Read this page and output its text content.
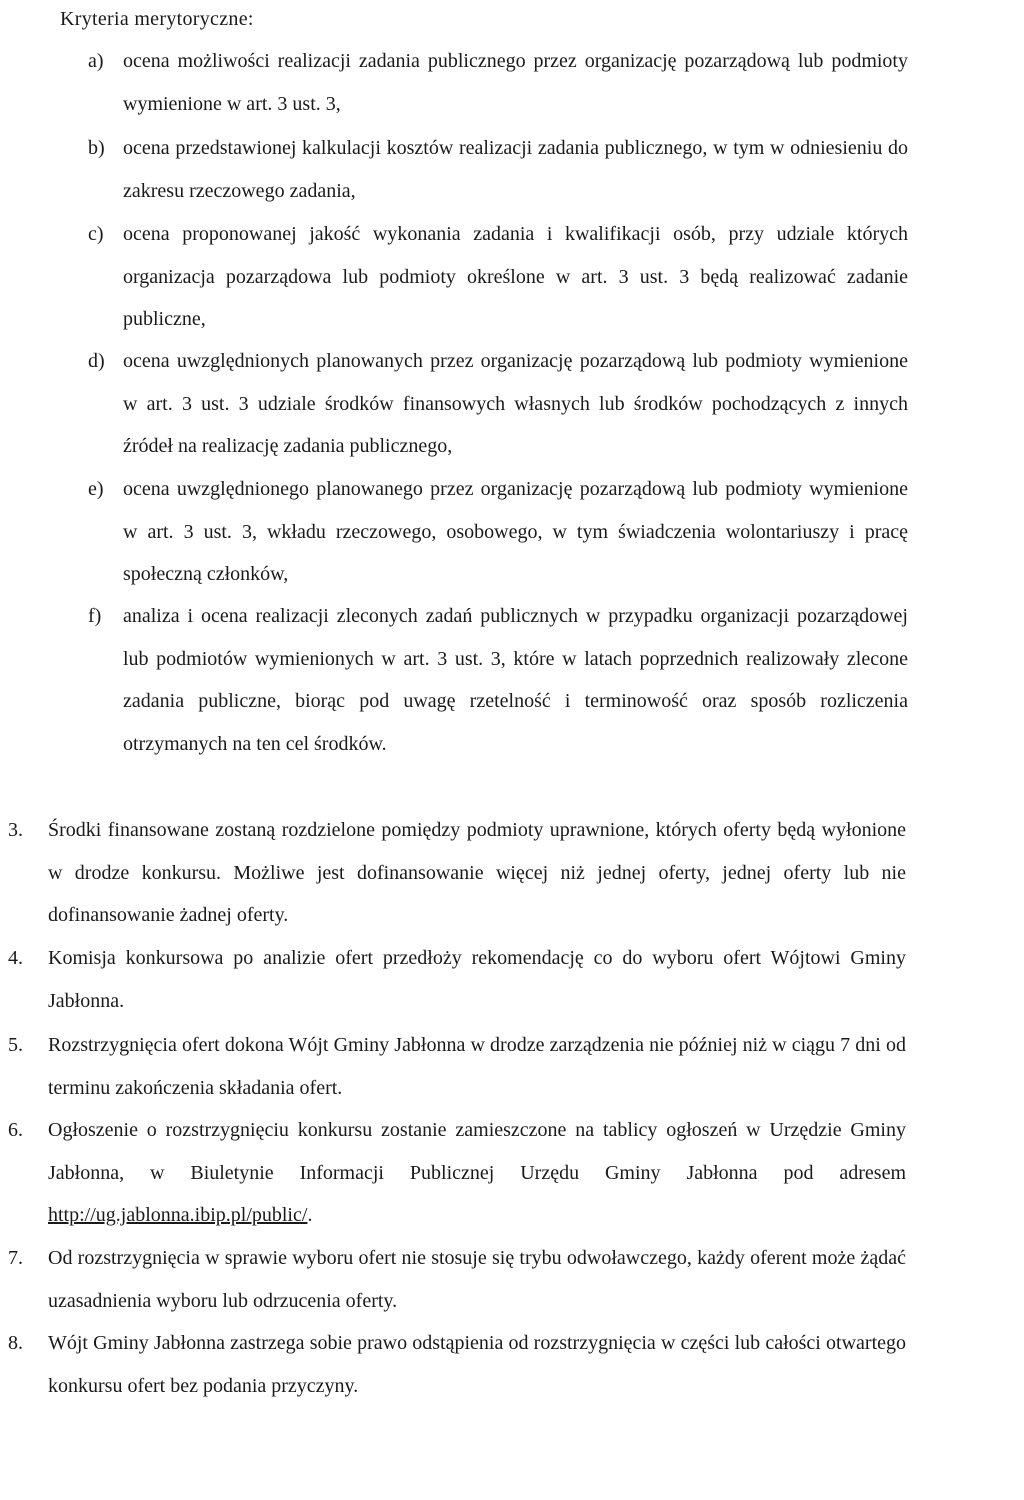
Kryteria merytoryczne:
a) ocena możliwości realizacji zadania publicznego przez organizację pozarządową lub podmioty wymienione w art. 3 ust. 3,
b) ocena przedstawionej kalkulacji kosztów realizacji zadania publicznego, w tym w odniesieniu do zakresu rzeczowego zadania,
c) ocena proponowanej jakość wykonania zadania i kwalifikacji osób, przy udziale których organizacja pozarządowa lub podmioty określone w art. 3 ust. 3 będą realizować zadanie publiczne,
d) ocena uwzględnionych planowanych przez organizację pozarządową lub podmioty wymienione w art. 3 ust. 3 udziale środków finansowych własnych lub środków pochodzących z innych źródeł na realizację zadania publicznego,
e) ocena uwzględnionego planowanego przez organizację pozarządową lub podmioty wymienione w art. 3 ust. 3, wkładu rzeczowego, osobowego, w tym świadczenia wolontariuszy i pracę społeczną członków,
f) analiza i ocena realizacji zleconych zadań publicznych w przypadku organizacji pozarządowej lub podmiotów wymienionych w art. 3 ust. 3, które w latach poprzednich realizowały zlecone zadania publiczne, biorąc pod uwagę rzetelność i terminowość oraz sposób rozliczenia otrzymanych na ten cel środków.
3. Środki finansowane zostaną rozdzielone pomiędzy podmioty uprawnione, których oferty będą wyłonione w drodze konkursu. Możliwe jest dofinansowanie więcej niż jednej oferty, jednej oferty lub nie dofinansowanie żadnej oferty.
4. Komisja konkursowa po analizie ofert przedłoży rekomendację co do wyboru ofert Wójtowi Gminy Jabłonna.
5. Rozstrzygnięcia ofert dokona Wójt Gminy Jabłonna w drodze zarządzenia nie później niż w ciągu 7 dni od terminu zakończenia składania ofert.
6. Ogłoszenie o rozstrzygnięciu konkursu zostanie zamieszczone na tablicy ogłoszeń w Urzędzie Gminy Jabłonna, w Biuletynie Informacji Publicznej Urzędu Gminy Jabłonna pod adresem http://ug.jablonna.ibip.pl/public/.
7. Od rozstrzygnięcia w sprawie wyboru ofert nie stosuje się trybu odwoławczego, każdy oferent może żądać uzasadnienia wyboru lub odrzucenia oferty.
8. Wójt Gminy Jabłonna zastrzega sobie prawo odstąpienia od rozstrzygnięcia w części lub całości otwartego konkursu ofert bez podania przyczyny.
